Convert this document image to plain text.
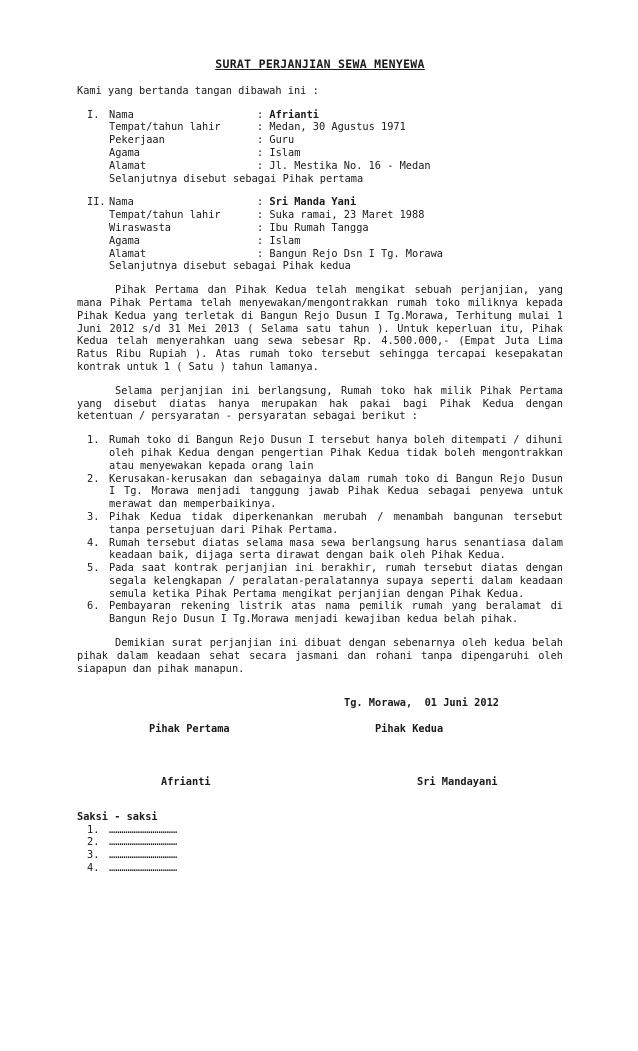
SURAT PERJANJIAN SEWA MENYEWA
Kami yang bertanda tangan dibawah ini :
I. Nama	: Afrianti
Tempat/tahun lahir	: Medan, 30 Agustus 1971
Pekerjaan	: Guru
Agama	: Islam
Alamat	: Jl. Mestika No. 16 - Medan
Selanjutnya disebut sebagai Pihak pertama
II. Nama	: Sri Manda Yani
Tempat/tahun lahir	: Suka ramai, 23 Maret 1988
Wiraswasta	: Ibu Rumah Tangga
Agama	: Islam
Alamat	: Bangun Rejo Dsn I Tg. Morawa
Selanjutnya disebut sebagai Pihak kedua
Pihak Pertama dan Pihak Kedua telah mengikat sebuah perjanjian, yang mana Pihak Pertama telah menyewakan/mengontrakkan rumah toko miliknya kepada Pihak Kedua yang terletak di Bangun Rejo Dusun I Tg.Morawa, Terhitung mulai 1 Juni 2012 s/d 31 Mei 2013 ( Selama satu tahun ). Untuk keperluan itu, Pihak Kedua telah menyerahkan uang sewa sebesar Rp. 4.500.000,- (Empat Juta Lima Ratus Ribu Rupiah ). Atas rumah toko tersebut sehingga tercapai kesepakatan kontrak untuk 1 ( Satu ) tahun lamanya.
Selama perjanjian ini berlangsung, Rumah toko hak milik Pihak Pertama yang disebut diatas hanya merupakan hak pakai bagi Pihak Kedua dengan ketentuan / persyaratan - persyaratan sebagai berikut :
1. Rumah toko di Bangun Rejo Dusun I tersebut hanya boleh ditempati / dihuni oleh pihak Kedua dengan pengertian Pihak Kedua tidak boleh mengontrakkan atau menyewakan kepada orang lain
2. Kerusakan-kerusakan dan sebagainya dalam rumah toko di Bangun Rejo Dusun I Tg. Morawa menjadi tanggung jawab Pihak Kedua sebagai penyewa untuk merawat dan memperbaikinya.
3. Pihak Kedua tidak diperkenankan merubah / menambah bangunan tersebut tanpa persetujuan dari Pihak Pertama.
4. Rumah tersebut diatas selama masa sewa berlangsung harus senantiasa dalam keadaan baik, dijaga serta dirawat dengan baik oleh Pihak Kedua.
5. Pada saat kontrak perjanjian ini berakhir, rumah tersebut diatas dengan segala kelengkapan / peralatan-peralatannya supaya seperti dalam keadaan semula ketika Pihak Pertama mengikat perjanjian dengan Pihak Kedua.
6. Pembayaran rekening listrik atas nama pemilik rumah yang beralamat di Bangun Rejo Dusun I Tg.Morawa menjadi kewajiban kedua belah pihak.
Demikian surat perjanjian ini dibuat dengan sebenarnya oleh kedua belah pihak dalam keadaan sehat secara jasmani dan rohani tanpa dipengaruhi oleh siapapun dan pihak manapun.
Tg. Morawa,  01 Juni 2012
Pihak Pertama	Pihak Kedua
Afrianti	Sri Mandayani
Saksi - saksi
1. ……………………………
2. ……………………………
3. ……………………………
4. ……………………………
